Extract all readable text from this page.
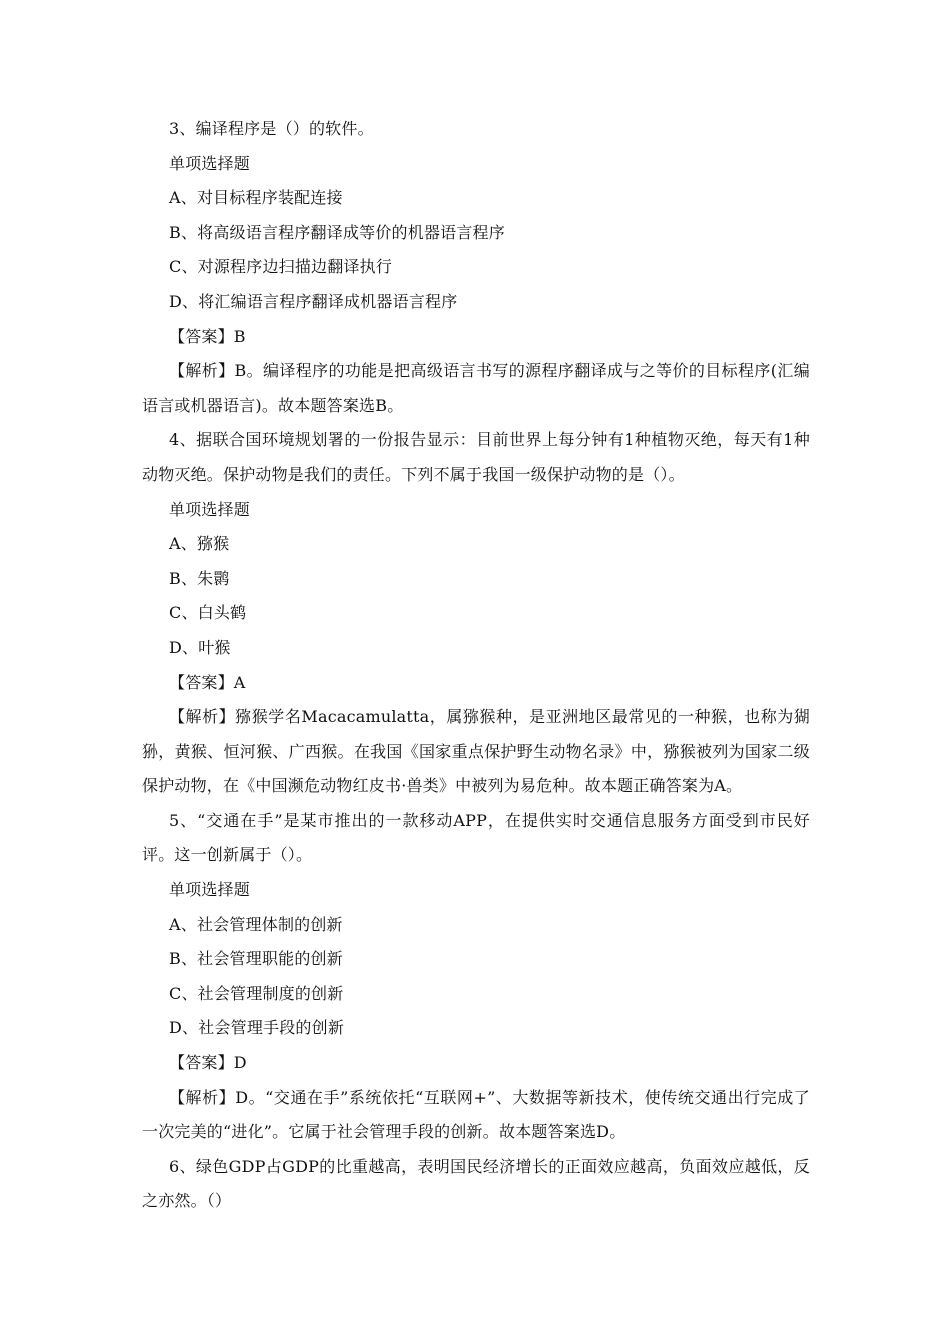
3、编译程序是（）的软件。
单项选择题
A、对目标程序装配连接
B、将高级语言程序翻译成等价的机器语言程序
C、对源程序边扫描边翻译执行
D、将汇编语言程序翻译成机器语言程序
【答案】B
【解析】B。编译程序的功能是把高级语言书写的源程序翻译成与之等价的目标程序(汇编语言或机器语言)。故本题答案选B。
4、据联合国环境规划署的一份报告显示：目前世界上每分钟有1种植物灭绝，每天有1种动物灭绝。保护动物是我们的责任。下列不属于我国一级保护动物的是（）。
单项选择题
A、猕猴
B、朱鹮
C、白头鹤
D、叶猴
【答案】A
【解析】猕猴学名Macacamulatta，属猕猴种，是亚洲地区最常见的一种猴，也称为猢狲，黄猴、恒河猴、广西猴。在我国《国家重点保护野生动物名录》中，猕猴被列为国家二级保护动物，在《中国濒危动物红皮书·兽类》中被列为易危种。故本题正确答案为A。
5、“交通在手”是某市推出的一款移动APP，在提供实时交通信息服务方面受到市民好评。这一创新属于（）。
单项选择题
A、社会管理体制的创新
B、社会管理职能的创新
C、社会管理制度的创新
D、社会管理手段的创新
【答案】D
【解析】D。“交通在手”系统依托“互联网+”、大数据等新技术，使传统交通出行完成了一次完美的“进化”。它属于社会管理手段的创新。故本题答案选D。
6、绿色GDP占GDP的比重越高，表明国民经济增长的正面效应越高，负面效应越低，反之亦然。（）
